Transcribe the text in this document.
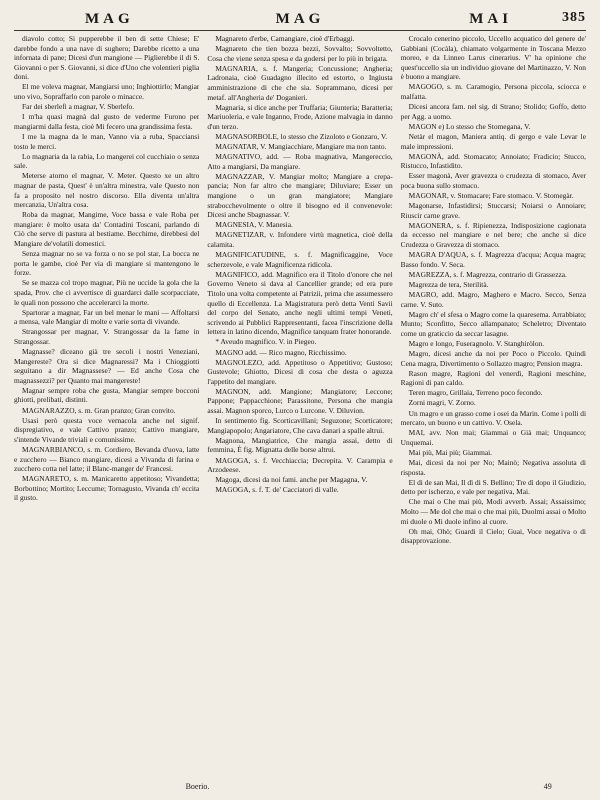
MAG	MAG	MAI	385

diavolo cotto; Si pupperebbe il ben di sette Chiese; E' darebbe fondo a una nave di sughero; Darebbe ricetto a una infornata di pane; Dicesi d'un mangione — Piglierebbe il di S. Giovanni o per S. Giovanni, si dice d'Uno che volentieri piglia doni.

El me voleva magnar, Mangiarsi uno; Inghiottirlo; Mangiar uno vivo, Sopraffarlo con parole o minacce.

Far dei sberlefi a magnar, V. Sberlefo.

I m'ha quasi magnà dal gusto de vederme Furono per mangiarmi dalla festa, cioè Mi fecero una grandissima festa.

I me la magna da le man, Vanno via a ruba, Spacciansi tosto le merci.

Lo magnaria da la rabia, Lo mangerei col cucchiaio o senza sale.

Meterse atorno el magnar, V. Meter. Questo xe un altro magnar de pasta, Quest' è un'altra minestra, vale Questo non fa a proposito nel nostro discorso. Ella diventa un'altra mercanzia, Un'altra cosa.

Roba da magnar, Mangime, Voce bassa e vale Roba per mangiare: è molto usata da' Contadini Toscani, parlando di Ciò che serve di pastura al bestiame. Becchime, direbbesi del Mangiare de'volatili domestici.

Senza magnar no se va forza o no se pol star, La bocca ne porta le gambe, cioè Per via di mangiare si mantengono le forze.

Se se mazza col tropo magnar, Più ne uccide la gola che la spada, Prov. che ci avvertisce di guardarci dalle scorpacciate, le quali non possono che accelerarci la morte.

Spartorar a magnar, Far un bel menar le mani — Affoltarsi a mensa, vale Mangiar di molte e varie sorta di vivande.

Strangossar per magnar, V. Strangossar da la fame in Strangossar.

Magnasse? diceano già tre secoli i nostri Veneziani, Mangereste? Ora si dice Magnaressi? Ma i Chioggiotti seguitano a dir Magnassese? — Ed anche Cosa che magnassezzi? per Quanto mai mangereste!

Magnar sempre roba che gusta, Mangiar sempre bocconi ghiotti, prelibati, distinti.

MAGNARAZZO, s. m. Gran pranzo; Gran convito.

Usasi però questa voce vernacola anche nel signif. dispregiativo, e vale Cattivo pranzo; Cattivo mangiare, s'intende Vivande triviali e comunissime.

MAGNARBIANCO, s. m. Cordiero, Bevanda d'uova, latte e zucchero — Bianco mangiare, dicesi a Vivanda di farina e zucchero cotta nel latte; il Blanc-manger de' Francesi.

MAGNARETO, s. m. Manicaretto appetitoso; Vivandetta; Borbottino; Mortito; Leccume; Tornagusto, Vivanda ch' eccita il gusto.

Magnareto d'erbe, Camangiare, cioè d'Erbaggi.

Magnareto che tien bozza bezzi, Sovvalto; Sovvoltetto, Cosa che viene senza spesa e da godersi per lo più in brigata.

MAGNARIA, s. f. Mangeria; Concussione; Angheria; Ladronaia, cioè Guadagno illecito ed estorto, o Ingiusta amministrazione di che che sia. Soprammano, dicesi per metaf. all'Angheria de' Doganieri.

Magnaria, si dice anche per Truffaria; Giunteria; Baratteria; Mariuoleria, e vale Inganno, Frode, Azione malvagia in danno d'un terzo.

MAGNASORBOLE, lo stesso che Zizoloto e Gonzaro, V.

MAGNATAR, V. Mangiacchiare, Mangiare ma non tanto.

MAGNATIVO, add. — Roba magnativa, Mangereccio, Atto a mangiarsi, Da mangiare.

MAGNAZZAR, V. Mangiar molto; Mangiare a crepa-pancia; Non far altro che mangiare; Diluviare; Esser un mangione o un gran mangiatore; Mangiare strabocchevolmente o oltre il bisogno ed il convenevole: Dicesi anche Sbagnassar. V.

MAGNESIA, V. Manesia.

MAGNETIZAR, v. Infondere virtù magnetica, cioè della calamita.

MAGNIFICATUDINE, s. f. Magnificaggine, Voce scherzevole, e vale Magnificenza ridicola.

MAGNIFICO, add. Magnifico era il Titolo d'onore che nel Governo Veneto si dava al Cancellier grande; ed era pure Titolo una volta competente ai Patrizii, prima che assumessero quello di Eccellenza. La Magistratura però detta Venti Savii del corpo del Senato, anche negli ultimi tempi Veneti, scrivendo ai Pubblici Rappresentanti, facea l'inscrizione della lettera in latino dicendo, Magnifice tanquam frater honorande.

* Aveudo magnifico. V. in Piegeo.

MAGNO add. — Rico magno, Ricchissimo.

MAGNOLEZO, add. Appetitoso o Appetitivo; Gustoso; Gustevole; Ghiotto, Dicesi di cosa che desta o aguzza l'appetito del mangiare.

MAGNON, add. Mangione; Mangiatore; Leccone; Pappone; Pappacchione; Parassitone, Persona che mangia assai. Magnon sporco, Lurco o Lurcone. V. Diluvion.

In sentimento fig. Scorticavillani; Seguzone; Scorticatore; Mangiapopolo; Angariatore, Che cava danari a spalle altrui.

Magnona, Mangiatrice, Che mangia assai, detto di femmina, È fig. Mignatta delle borse altrui.

MAGOGA, s. f. Vecchiaccia; Decrepita. V. Carampia e Arzodeese.

Magoga, dicesi da noi fami. anche per Magagna, V.

MAGOGA, s. f. T. de' Cacciatori di valle.

Crocalo cenerino piccolo, Uccello acquatico del genere de' Gabbiani (Cocàla), chiamato volgarmente in Toscana Mezzo moreo, e da Linneo Larus cinerarius. V' ha opinione che quest'uccello sia un individuo giovane del Martinazzo, V. Non è buono a mangiare.

MAGOGO, s. m. Caramogio, Persona piccola, sciocca e malfatta.

Dicesi ancora fam. nel sig. di Strano; Stolido; Goffo, detto per Agg. a uomo.

MAGON e) Lo stesso che Stomegana, V.

Netàr el magon, Maniera antiq. di gergo e vale Levar le male impressioni.

MAGONÀ, add. Stomacato; Annoiato; Fradicio; Stucco, Ristucco, Infastidito.

Esser magonà, Aver gravezza o crudezza di stomaco, Aver poca buona sullo stomaco.

MAGONAR, v. Stomacare; Fare stomaco. V. Stomegàr.

Magonarse, Infastidirsi; Stuccarsi; Noiarsi o Annoiare; Riuscir carne grave.

MAGONERA, s. f. Ripienezza, Indisposizione cagionata da eccesso nel mangiare e nel bere; che anche si dice Crudezza o Gravezza di stomaco.

MAGRA D'AQUA, s. f. Magrezza d'acqua; Acqua magra; Basso fondo. V. Seca.

MAGREZZA, s. f. Magrezza, contrario di Grassezza.

Magrezza de tera, Sterilità.

MAGRO, add. Magro, Maghero e Macro. Secco, Senza carne. V. Suto.

Magro ch' el sfesa o Magro come la quaresema. Arrabbiato; Munto; Sconfitto, Secco allampanato; Scheletro; Diventato come un graticcio da seccar lasagne.

Magro e longo, Fuseragnolo. V. Stanghiròlon.

Magro, dicesi anche da noi per Poco o Piccolo. Quindi Cena magra, Divertimento o Sollazzo magro; Pension magra.

Rason magre, Ragioni del venerdì, Ragioni meschine, Ragioni di pan caldo.

Teren magro, Grillaia, Terreno poco fecondo.

Zorni magri, V. Zorno.

Un magro e un grasso come i osei da Marin. Come i polli di mercato, un buono e un cattivo. V. Osela.

MAI, avv. Non mai; Giammai o Già mai; Unquanco; Unquemai.

Mai più, Mai più; Giammai.

Mai, dicesi da noi per No; Mainò; Negativa assoluta di risposta.

El di de san Mai, Il dì di S. Bellino; Tre dì dopo il Giudizio, detto per ischerzo, e vale per negativa, Mai.

Che mai o Che mai più, Modi avverb. Assai; Assaissimo; Molto — Me dol che mai o che mai più, Duolmi assai o Molto mi duole o Mi duole infino al cuore.

Oh mai, Ohò; Guardi il Cielo; Guai, Voce negativa o di disapprovazione.

Boerio.	49
